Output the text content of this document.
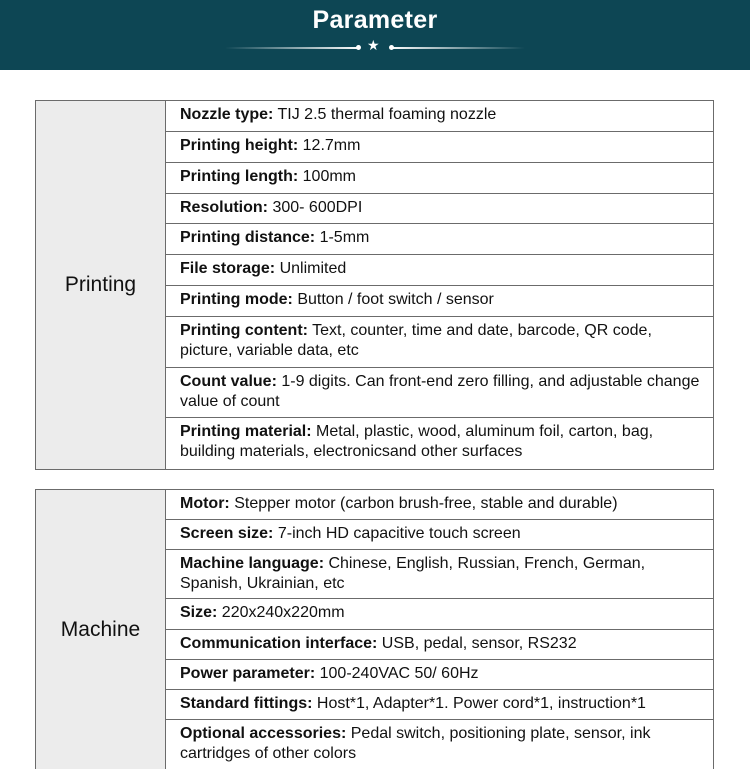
Parameter
★
Printing
Nozzle type: TIJ 2.5 thermal foaming nozzle
Printing height: 12.7mm
Printing length: 100mm
Resolution: 300- 600DPI
Printing distance: 1-5mm
File storage: Unlimited
Printing mode: Button / foot switch / sensor
Printing content: Text, counter, time and date, barcode, QR code, picture, variable data, etc
Count value: 1-9 digits. Can front-end zero filling, and adjustable change value of count
Printing material: Metal, plastic, wood, aluminum foil, carton, bag, building materials, electronicsand other surfaces
Machine
Motor: Stepper motor (carbon brush-free, stable and durable)
Screen size: 7-inch HD capacitive touch screen
Machine language: Chinese, English, Russian, French, German, Spanish, Ukrainian, etc
Size: 220x240x220mm
Communication interface: USB, pedal, sensor, RS232
Power parameter: 100-240VAC 50/ 60Hz
Standard fittings: Host*1, Adapter*1. Power cord*1, instruction*1
Optional accessories: Pedal switch, positioning plate, sensor, ink cartridges of other colors
